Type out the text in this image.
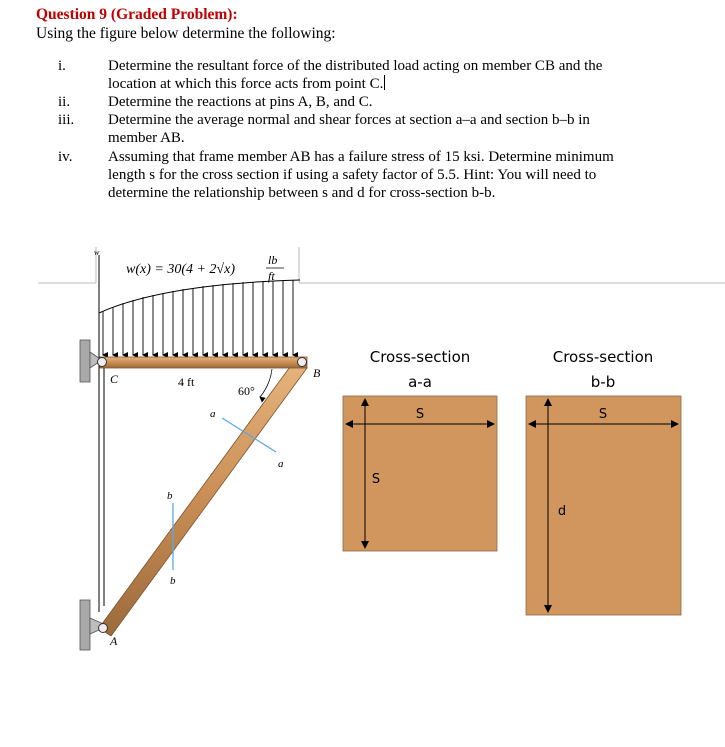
Question 9 (Graded Problem):
Using the figure below determine the following:
i.	Determine the resultant force of the distributed load acting on member CB and the
location at which this force acts from point C.
ii.	Determine the reactions at pins A, B, and C.
iii.	Determine the average normal and shear forces at section a–a and section b–b in
member AB.
iv.	Assuming that frame member AB has a failure stress of 15 ksi. Determine minimum
length s for the cross section if using a safety factor of 5.5. Hint: You will need to
determine the relationship between s and d for cross-section b-b.
w
w(x) = 30(4 + 2√x)
lb
ft
C	B
A
4 ft
60°
a
a
b
b
Cross-section
a-a
S
S
Cross-section
b-b
S
d
